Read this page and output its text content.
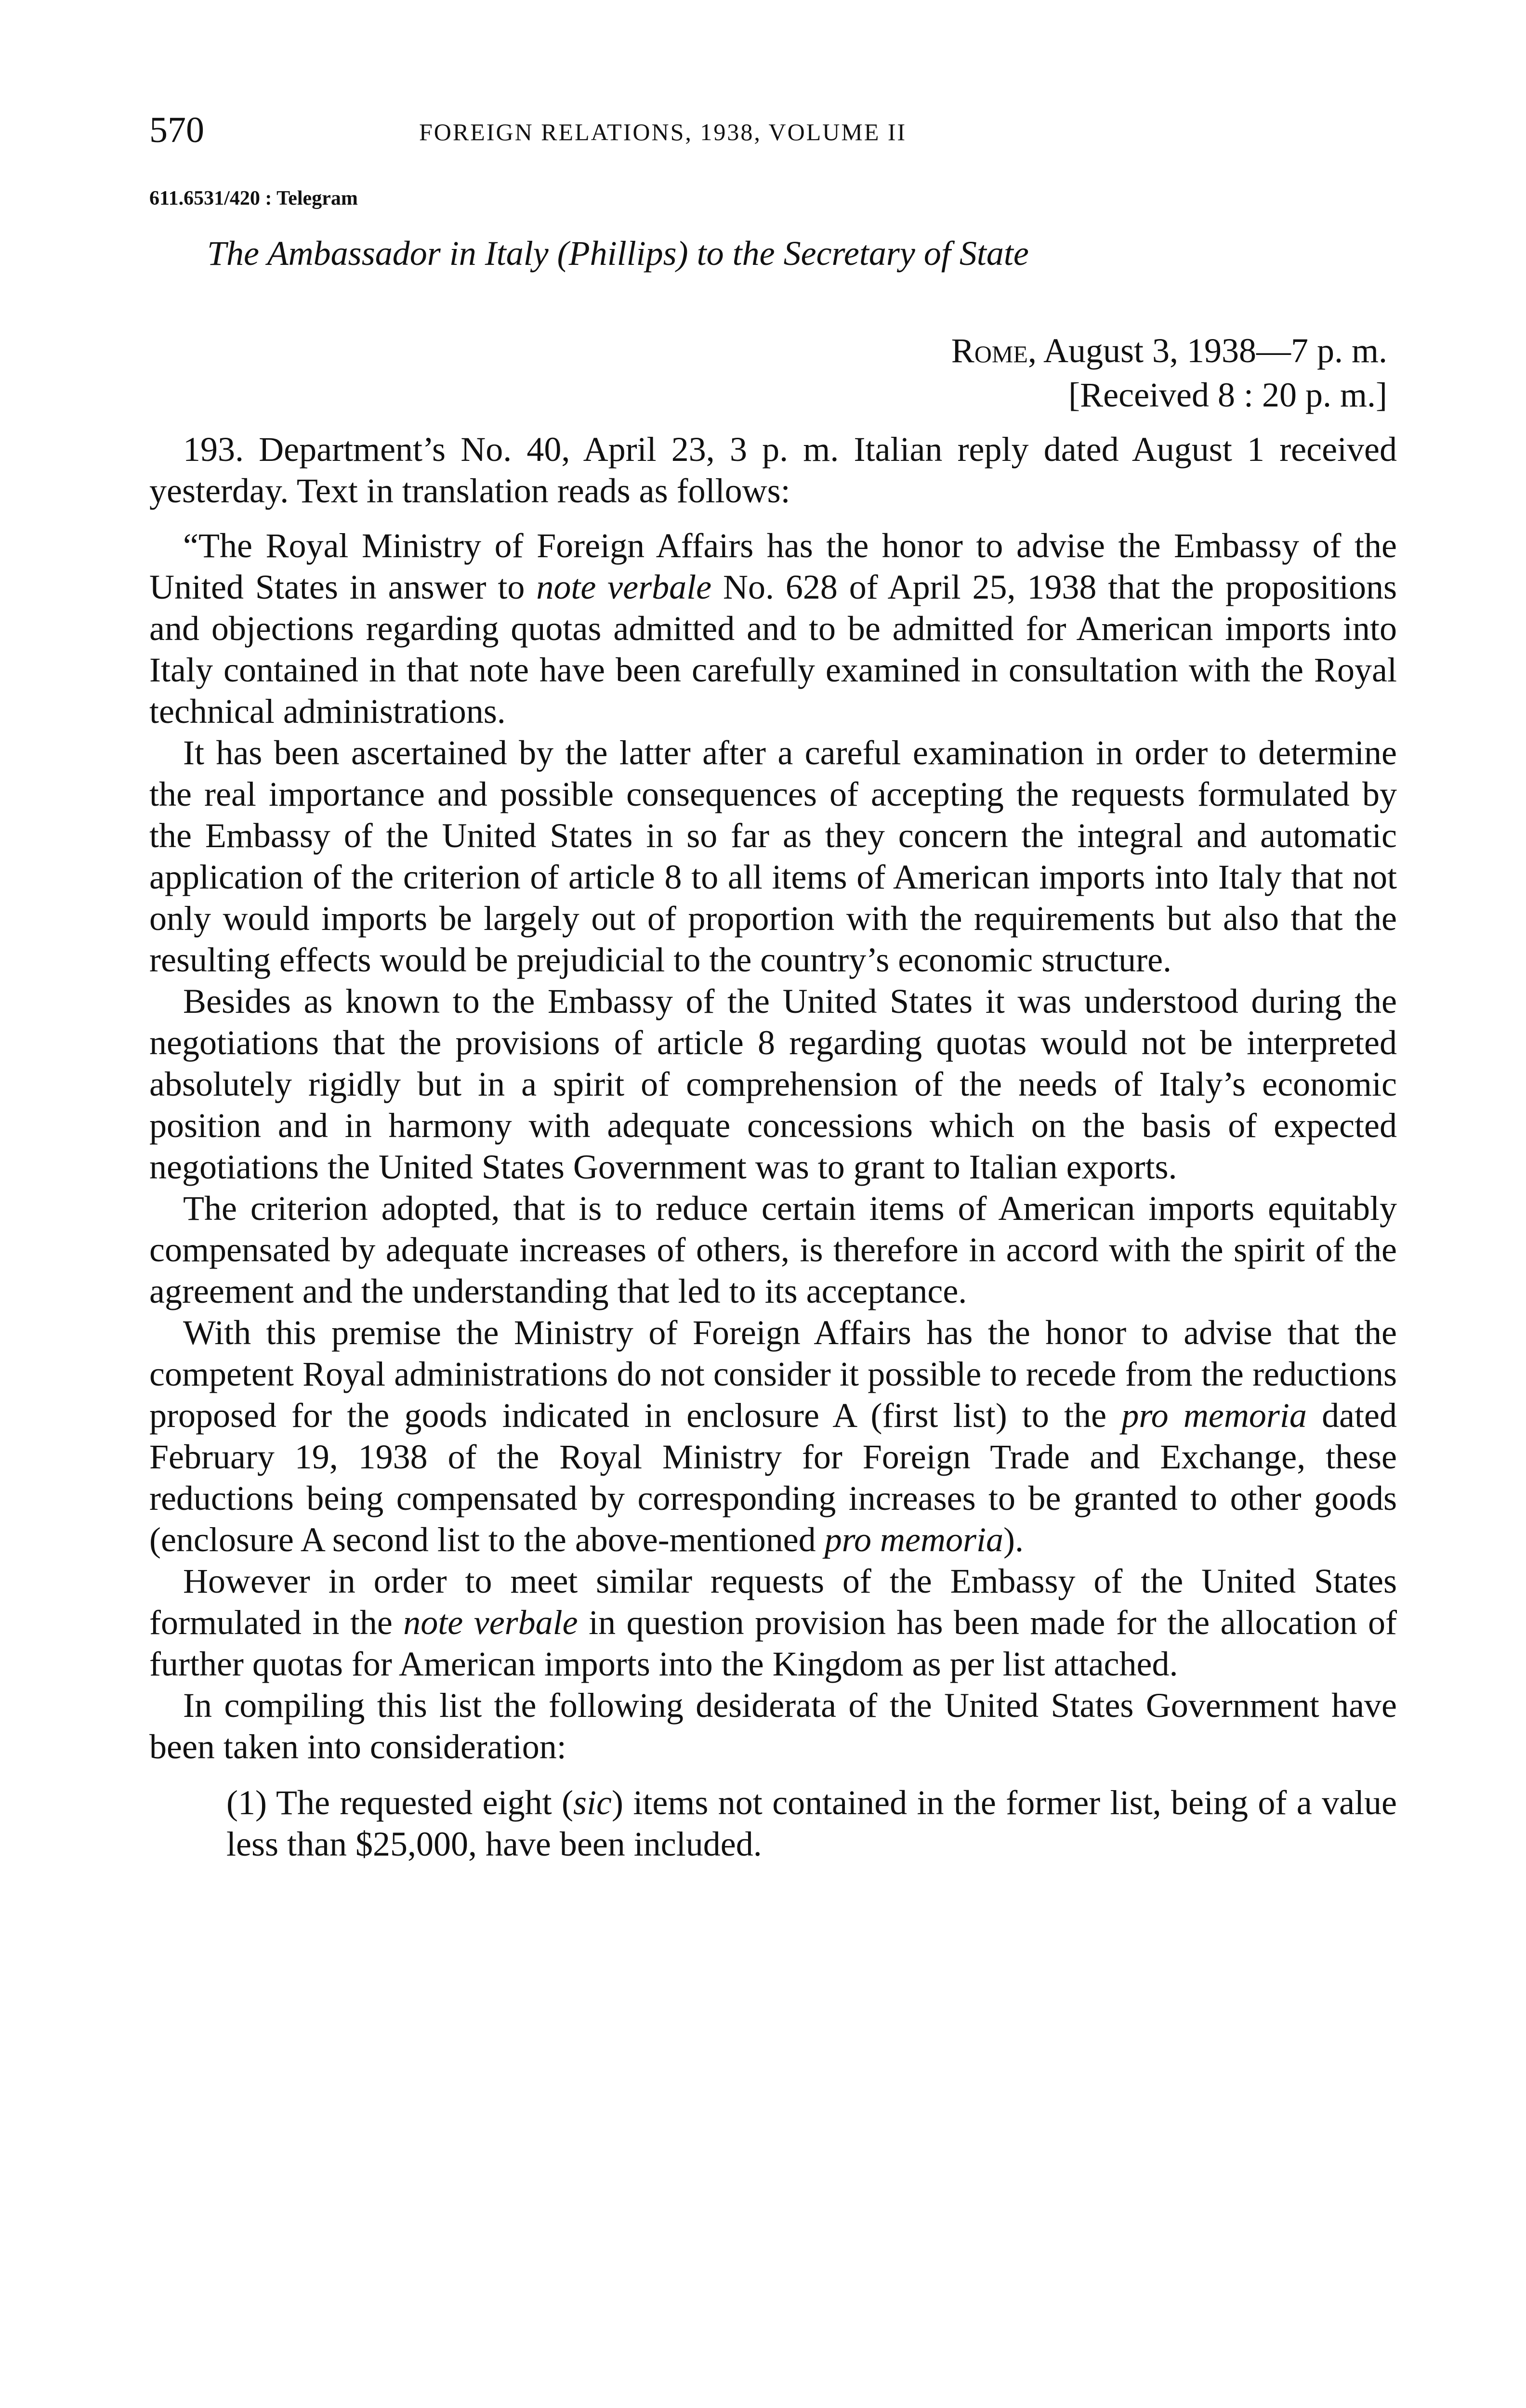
570	FOREIGN RELATIONS, 1938, VOLUME II
611.6531/420 : Telegram
The Ambassador in Italy (Phillips) to the Secretary of State
Rome, August 3, 1938—7 p. m.
[Received 8 : 20 p. m.]

193. Department’s No. 40, April 23, 3 p. m. Italian reply dated August 1 received yesterday. Text in translation reads as follows:

“The Royal Ministry of Foreign Affairs has the honor to advise the Embassy of the United States in answer to note verbale No. 628 of April 25, 1938 that the propositions and objections regarding quotas admitted and to be admitted for American imports into Italy contained in that note have been carefully examined in consultation with the Royal technical administrations.

It has been ascertained by the latter after a careful examination in order to determine the real importance and possible consequences of accepting the requests formulated by the Embassy of the United States in so far as they concern the integral and automatic application of the criterion of article 8 to all items of American imports into Italy that not only would imports be largely out of proportion with the requirements but also that the resulting effects would be prejudicial to the country’s economic structure.

Besides as known to the Embassy of the United States it was understood during the negotiations that the provisions of article 8 regarding quotas would not be interpreted absolutely rigidly but in a spirit of comprehension of the needs of Italy’s economic position and in harmony with adequate concessions which on the basis of expected negotiations the United States Government was to grant to Italian exports.

The criterion adopted, that is to reduce certain items of American imports equitably compensated by adequate increases of others, is therefore in accord with the spirit of the agreement and the understanding that led to its acceptance.

With this premise the Ministry of Foreign Affairs has the honor to advise that the competent Royal administrations do not consider it possible to recede from the reductions proposed for the goods indicated in enclosure A (first list) to the pro memoria dated February 19, 1938 of the Royal Ministry for Foreign Trade and Exchange, these reductions being compensated by corresponding increases to be granted to other goods (enclosure A second list to the above-mentioned pro memoria).

However in order to meet similar requests of the Embassy of the United States formulated in the note verbale in question provision has been made for the allocation of further quotas for American imports into the Kingdom as per list attached.

In compiling this list the following desiderata of the United States Government have been taken into consideration:

(1) The requested eight (sic) items not contained in the former list, being of a value less than $25,000, have been included.
